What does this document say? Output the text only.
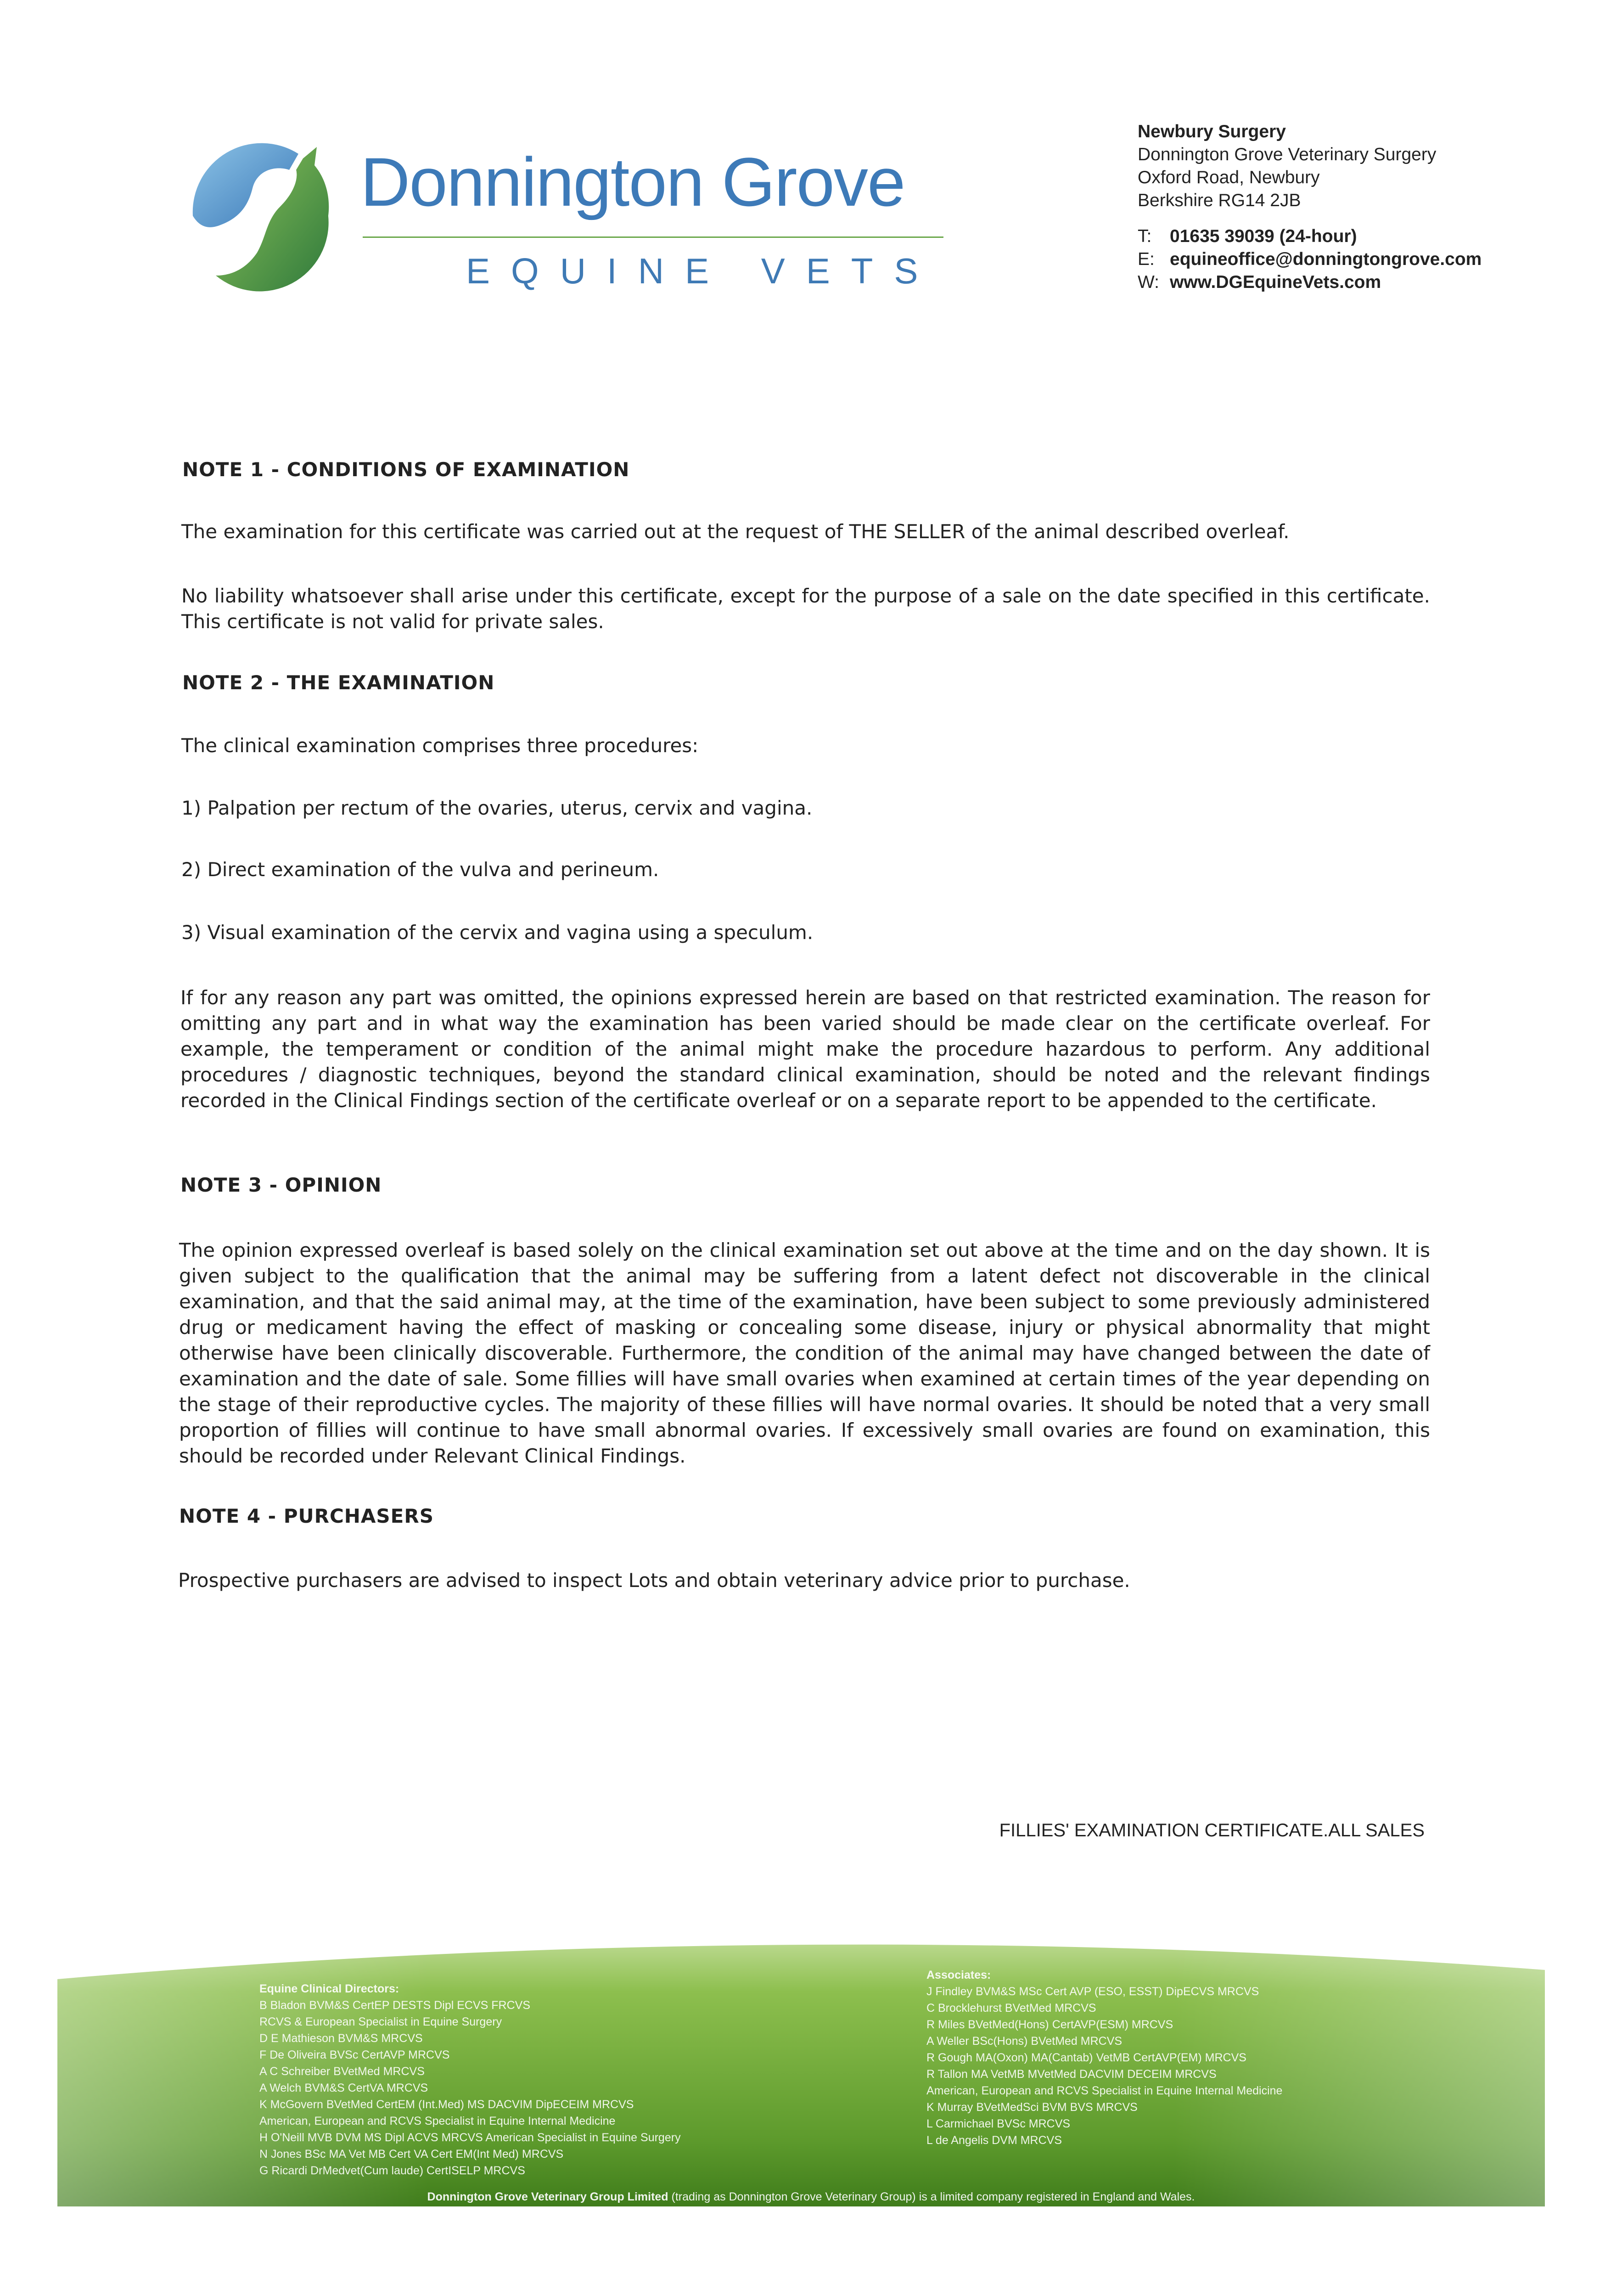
Donnington Grove
EQUINE VETS
Newbury Surgery
Donnington Grove Veterinary Surgery
Oxford Road, Newbury
Berkshire RG14 2JB
T: 01635 39039 (24-hour)
E: equineoffice@donningtongrove.com
W: www.DGEquineVets.com
NOTE 1 - CONDITIONS OF EXAMINATION
The examination for this certificate was carried out at the request of THE SELLER of the animal described overleaf.
No liability whatsoever shall arise under this certificate, except for the purpose of a sale on the date specified in this certificate. This certificate is not valid for private sales.
NOTE 2 - THE EXAMINATION
The clinical examination comprises three procedures:
1) Palpation per rectum of the ovaries, uterus, cervix and vagina.
2) Direct examination of the vulva and perineum.
3) Visual examination of the cervix and vagina using a speculum.
If for any reason any part was omitted, the opinions expressed herein are based on that restricted examination. The reason for omitting any part and in what way the examination has been varied should be made clear on the certificate overleaf. For example, the temperament or condition of the animal might make the procedure hazardous to perform. Any additional procedures / diagnostic techniques, beyond the standard clinical examination, should be noted and the relevant findings recorded in the Clinical Findings section of the certificate overleaf or on a separate report to be appended to the certificate.
NOTE 3 - OPINION
The opinion expressed overleaf is based solely on the clinical examination set out above at the time and on the day shown. It is given subject to the qualification that the animal may be suffering from a latent defect not discoverable in the clinical examination, and that the said animal may, at the time of the examination, have been subject to some previously administered drug or medicament having the effect of masking or concealing some disease, injury or physical abnormality that might otherwise have been clinically discoverable. Furthermore, the condition of the animal may have changed between the date of examination and the date of sale. Some fillies will have small ovaries when examined at certain times of the year depending on the stage of their reproductive cycles. The majority of these fillies will have normal ovaries. It should be noted that a very small proportion of fillies will continue to have small abnormal ovaries. If excessively small ovaries are found on examination, this should be recorded under Relevant Clinical Findings.
NOTE 4 - PURCHASERS
Prospective purchasers are advised to inspect Lots and obtain veterinary advice prior to purchase.
FILLIES' EXAMINATION CERTIFICATE.ALL SALES
Equine Clinical Directors:
B Bladon BVM&S CertEP DESTS Dipl ECVS FRCVS
RCVS & European Specialist in Equine Surgery
D E Mathieson BVM&S MRCVS
F De Oliveira BVSc CertAVP MRCVS
A C Schreiber BVetMed MRCVS
A Welch BVM&S CertVA MRCVS
K McGovern BVetMed CertEM (Int.Med) MS DACVIM DipECEIM MRCVS
American, European and RCVS Specialist in Equine Internal Medicine
H O'Neill MVB DVM MS Dipl ACVS MRCVS American Specialist in Equine Surgery
N Jones BSc MA Vet MB Cert VA Cert EM(Int Med) MRCVS
G Ricardi DrMedvet(Cum laude) CertISELP MRCVS
Associates:
J Findley BVM&S MSc Cert AVP (ESO, ESST) DipECVS MRCVS
C Brocklehurst BVetMed MRCVS
R Miles BVetMed(Hons) CertAVP(ESM) MRCVS
A Weller BSc(Hons) BVetMed MRCVS
R Gough MA(Oxon) MA(Cantab) VetMB CertAVP(EM) MRCVS
R Tallon MA VetMB MVetMed DACVIM DECEIM MRCVS
American, European and RCVS Specialist in Equine Internal Medicine
K Murray BVetMedSci BVM BVS MRCVS
L Carmichael BVSc MRCVS
L de Angelis DVM MRCVS
Donnington Grove Veterinary Group Limited (trading as Donnington Grove Veterinary Group) is a limited company registered in England and Wales.
